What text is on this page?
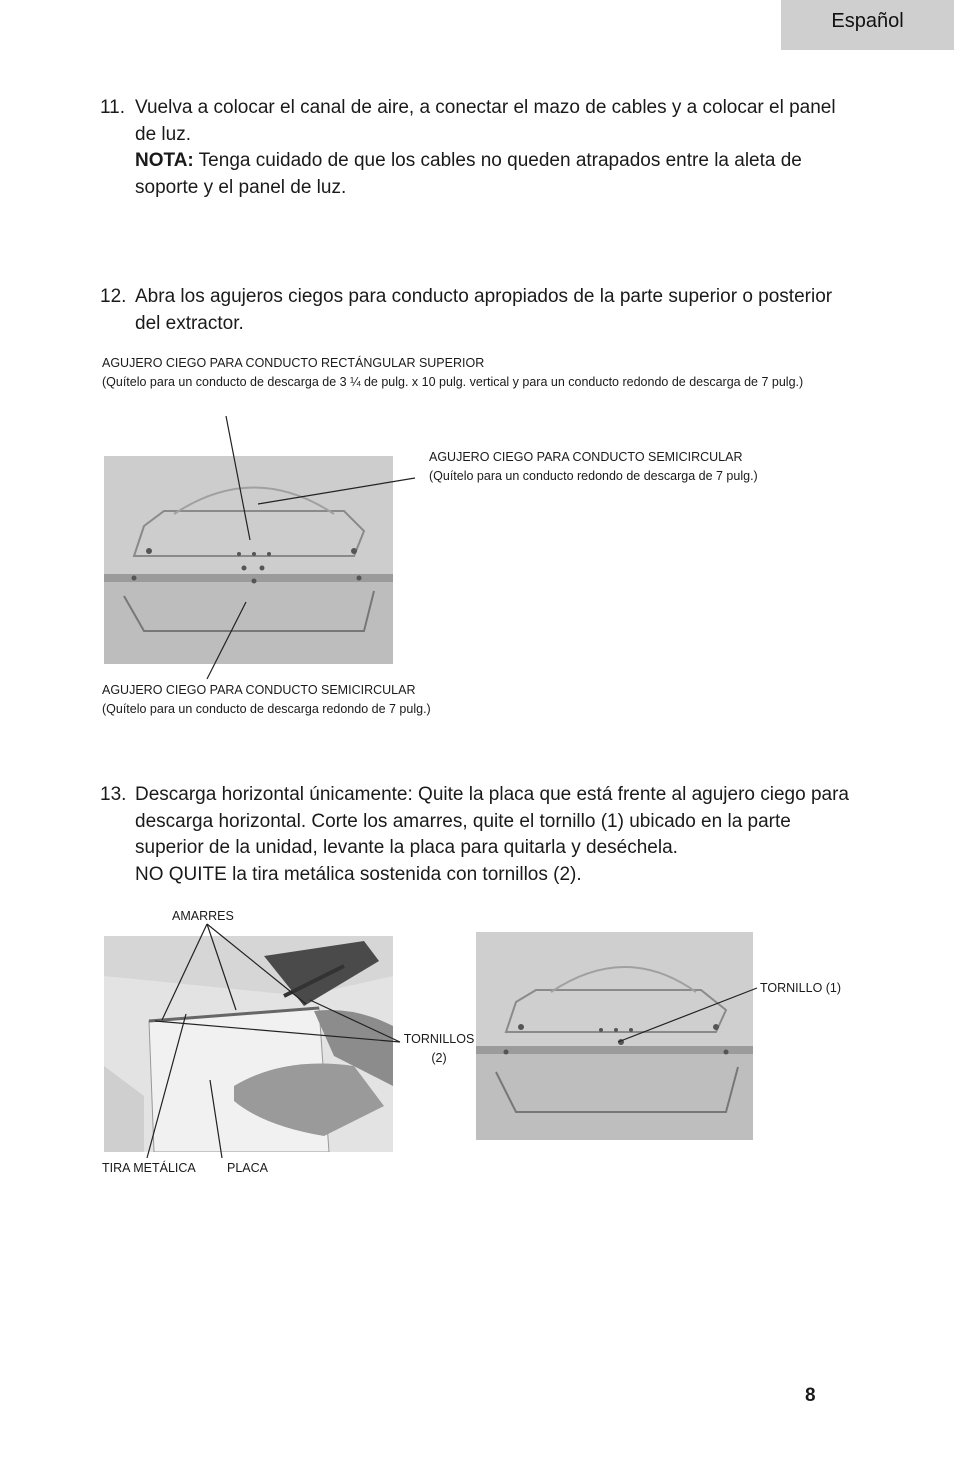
Español
11. Vuelva a colocar el canal de aire, a conectar el mazo de cables y a colocar el panel de luz.
NOTA: Tenga cuidado de que los cables no queden atrapados entre la aleta de soporte y el panel de luz.
12. Abra los agujeros ciegos para conducto apropiados de la parte superior o posterior del extractor.
AGUJERO CIEGO PARA CONDUCTO RECTÁNGULAR SUPERIOR
(Quítelo para un conducto de descarga de 3 ¼ de pulg. x 10 pulg. vertical y para un conducto redondo de descarga de 7 pulg.)
AGUJERO CIEGO PARA CONDUCTO SEMICIRCULAR
(Quítelo para un conducto redondo de descarga de 7 pulg.)
AGUJERO CIEGO PARA CONDUCTO SEMICIRCULAR
(Quítelo para un conducto de descarga redondo de 7 pulg.)
13. Descarga horizontal únicamente: Quite la placa que está frente al agujero ciego para descarga horizontal. Corte los amarres, quite el tornillo (1) ubicado en la parte superior de la unidad, levante la placa para quitarla y deséchela.
NO QUITE la tira metálica sostenida con tornillos (2).
AMARRES
TORNILLOS
(2)
TIRA METÁLICA PLACA
TORNILLO (1)
8
